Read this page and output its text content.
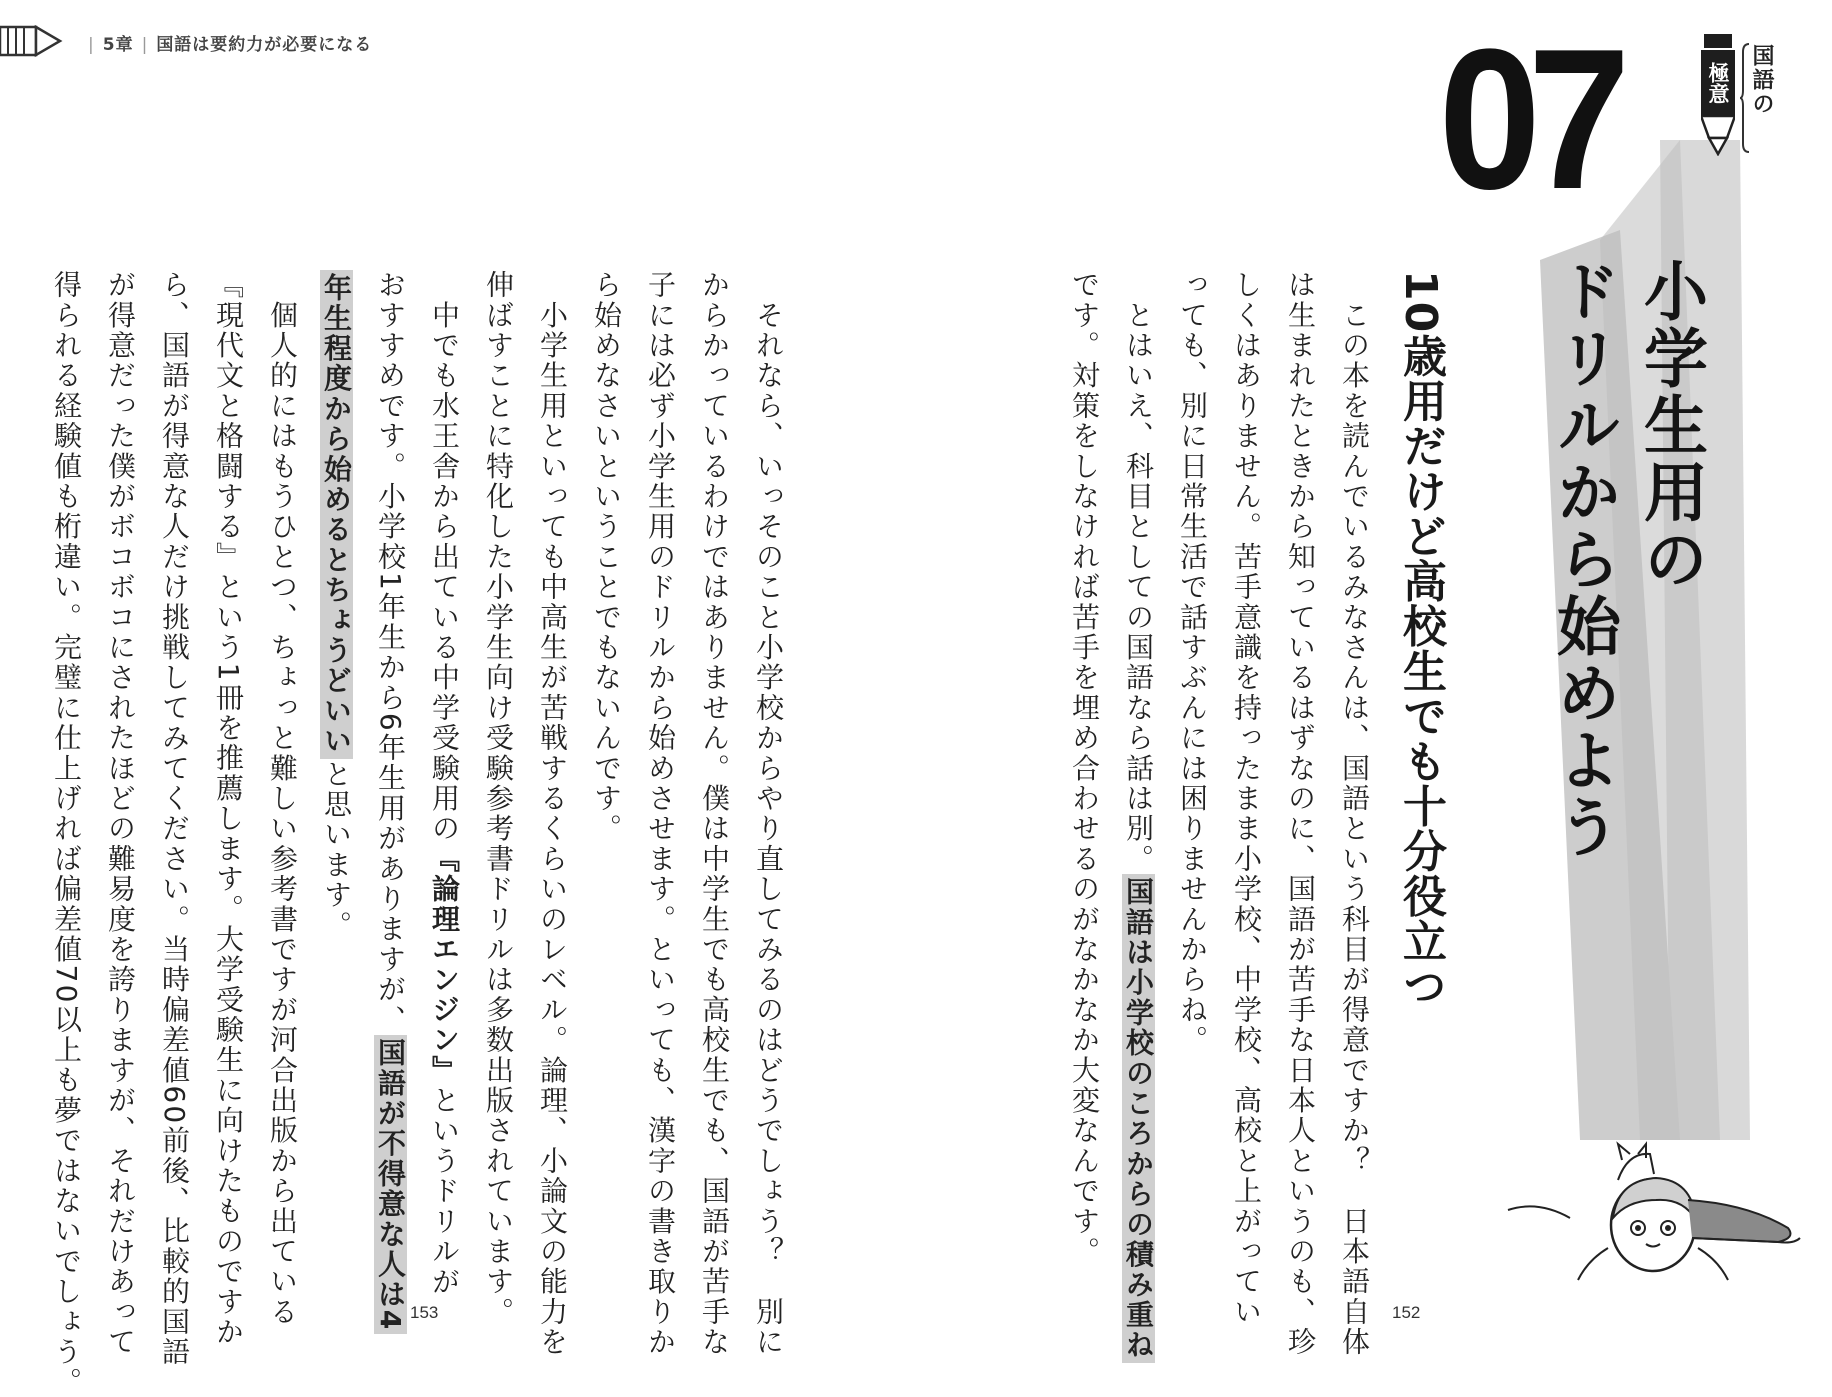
| 5章 | 国語は要約力が必要になる	07	極意 国語の
小学生用の
ドリルから始めよう
10歳用だけど高校生でも十分役立つ
　この本を読んでいるみなさんは、国語という科目が得意ですか？　日本語自体
は生まれたときから知っているはずなのに、国語が苦手な日本人というのも、珍
しくはありません。苦手意識を持ったまま小学校、中学校、高校と上がってい
っても、別に日常生活で話すぶんには困りませんからね。
　とはいえ、科目としての国語なら話は別。国語は小学校のころからの積み重ね
です。対策をしなければ苦手を埋め合わせるのがなかなか大変なんです。
　それなら、いっそのこと小学校からやり直してみるのはどうでしょう？　別に
からかっているわけではありません。僕は中学生でも高校生でも、国語が苦手な
子には必ず小学生用のドリルから始めさせます。といっても、漢字の書き取りか
ら始めなさいということでもないんです。
　小学生用といっても中高生が苦戦するくらいのレベル。論理、小論文の能力を
伸ばすことに特化した小学生向け受験参考書ドリルは多数出版されています。
　中でも水王舎から出ている中学受験用の『論理エンジン』というドリルが
おすすめです。小学校1年生から6年生用がありますが、国語が不得意な人は4
年生程度から始めるとちょうどいいと思います。
　個人的にはもうひとつ、ちょっと難しい参考書ですが河合出版から出ている
『現代文と格闘する』という1冊を推薦します。大学受験生に向けたものですか
ら、国語が得意な人だけ挑戦してみてください。当時偏差値60前後、比較的国語
が得意だった僕がボコボコにされたほどの難易度を誇りますが、それだけあって
得られる経験値も桁違い。完璧に仕上げれば偏差値70以上も夢ではないでしょう。	153	152
